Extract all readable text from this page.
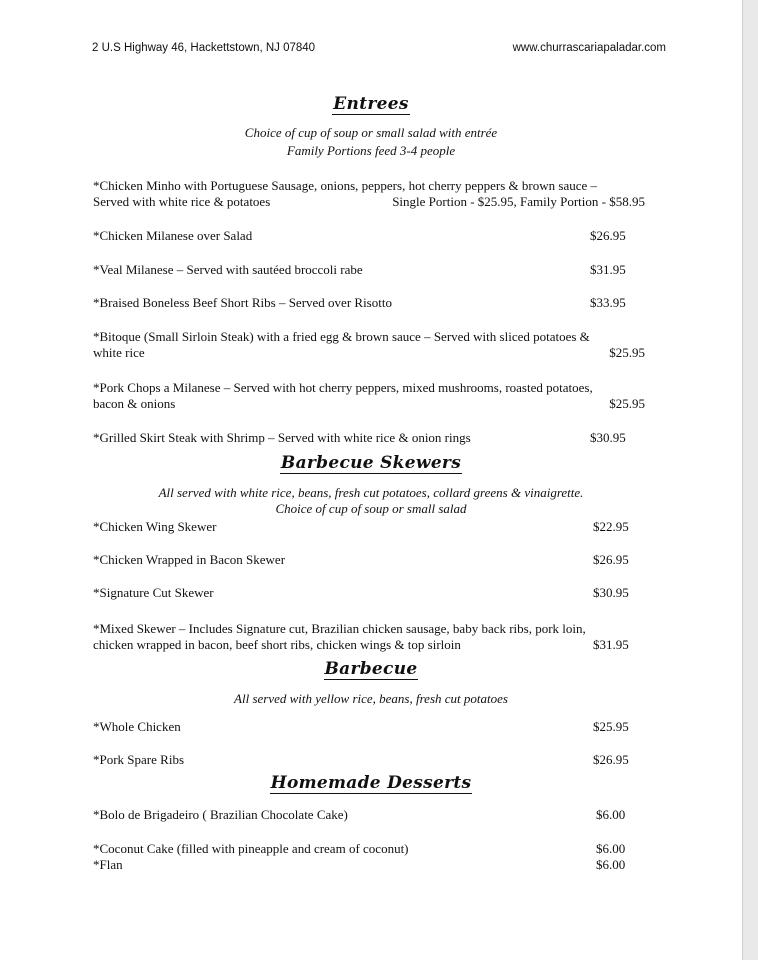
2 U.S Highway 46, Hackettstown, NJ 07840	www.churrascariapaladar.com
Entrees
Choice of cup of soup or small salad with entrée
Family Portions feed 3-4 people
*Chicken Minho with Portuguese Sausage, onions, peppers, hot cherry peppers & brown sauce –
Served with white rice & potatoes	Single Portion - $25.95, Family Portion - $58.95
*Chicken Milanese over Salad	$26.95
*Veal Milanese – Served with sautéed broccoli rabe	$31.95
*Braised Boneless Beef Short Ribs – Served over Risotto	$33.95
*Bitoque (Small Sirloin Steak) with a fried egg & brown sauce – Served with sliced potatoes &
white rice	$25.95
*Pork Chops a Milanese – Served with hot cherry peppers, mixed mushrooms, roasted potatoes,
bacon & onions	$25.95
*Grilled Skirt Steak with Shrimp – Served with white rice & onion rings	$30.95
Barbecue Skewers
All served with white rice, beans, fresh cut potatoes, collard greens & vinaigrette.
Choice of cup of soup or small salad
*Chicken Wing Skewer	$22.95
*Chicken Wrapped in Bacon Skewer	$26.95
*Signature Cut Skewer	$30.95
*Mixed Skewer – Includes Signature cut, Brazilian chicken sausage, baby back ribs, pork loin,
chicken wrapped in bacon, beef short ribs, chicken wings & top sirloin	$31.95
Barbecue
All served with yellow rice, beans, fresh cut potatoes
*Whole Chicken	$25.95
*Pork Spare Ribs	$26.95
Homemade Desserts
*Bolo de Brigadeiro ( Brazilian Chocolate Cake)	$6.00
*Coconut Cake (filled with pineapple and cream of coconut)	$6.00
*Flan	$6.00
